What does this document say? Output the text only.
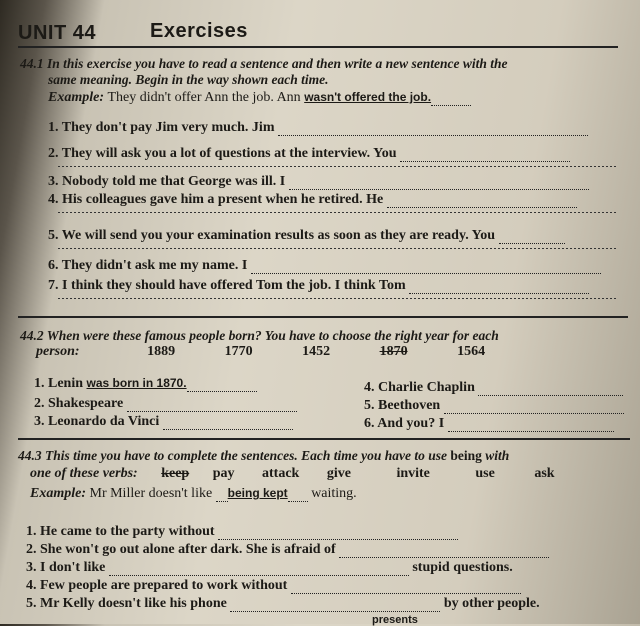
UNIT 44	Exercises
44.1 In this exercise you have to read a sentence and then write a new sentence with the
same meaning. Begin in the way shown each time.
Example: They didn't offer Ann the job. Ann wasn't offered the job.
1. They don't pay Jim very much. Jim
2. They will ask you a lot of questions at the interview. You
3. Nobody told me that George was ill. I
4. His colleagues gave him a present when he retired. He
5. We will send you your examination results as soon as they are ready. You
6. They didn't ask me my name. I
7. I think they should have offered Tom the job. I think Tom
44.2 When were these famous people born? You have to choose the right year for each
person:	1889	1770	1452	1870	1564
1. Lenin was born in 1870.
2. Shakespeare
3. Leonardo da Vinci
4. Charlie Chaplin
5. Beethoven
6. And you? I
44.3 This time you have to complete the sentences. Each time you have to use being with
one of these verbs: keep pay attack give	invite	use	ask
Example: Mr Miller doesn't like being kept waiting.
1. He came to the party without
2. She won't go out alone after dark. She is afraid of
3. I don't like	stupid questions.
4. Few people are prepared to work without
5. Mr Kelly doesn't like his phone	by other people.
presents
